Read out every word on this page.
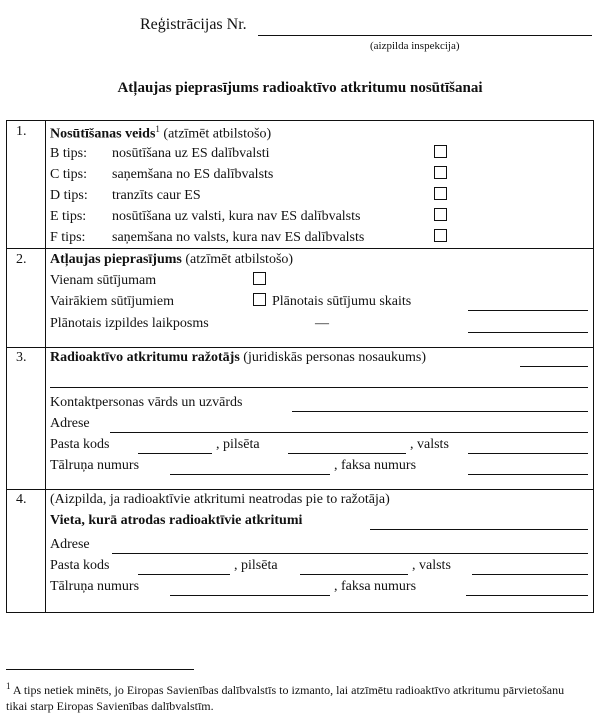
Reģistrācijas Nr.
(aizpilda inspekcija)
Atļaujas pieprasījums radioaktīvo atkritumu nosūtīšanai
1. Nosūtīšanas veids$^1$ (atzīmēt atbilstošo)
B tips: nosūtīšana uz ES dalībvalsti
C tips: saņemšana no ES dalībvalsts
D tips: tranzīts caur ES
E tips: nosūtīšana uz valsti, kura nav ES dalībvalsts
F tips: saņemšana no valsts, kura nav ES dalībvalsts
2. Atļaujas pieprasījums (atzīmēt atbilstošo)
Vienam sūtījumam
Vairākiem sūtījumiem	Plānotais sūtījumu skaits
Plānotais izpildes laikposms	—
3. Radioaktīvo atkritumu ražotājs (juridiskās personas nosaukums)
Kontaktpersonas vārds un uzvārds
Adrese
Pasta kods	, pilsēta	, valsts
Tālruņa numurs	, faksa numurs
4. (Aizpilda, ja radioaktīvie atkritumi neatrodas pie to ražotāja)
Vieta, kurā atrodas radioaktīvie atkritumi
Adrese
Pasta kods	, pilsēta	, valsts
Tālruņa numurs	, faksa numurs
$^1$ A tips netiek minēts, jo Eiropas Savienības dalībvalstīs to izmanto, lai atzīmētu radioaktīvo atkritumu pārvietošanu tikai starp Eiropas Savienības dalībvalstīm.
